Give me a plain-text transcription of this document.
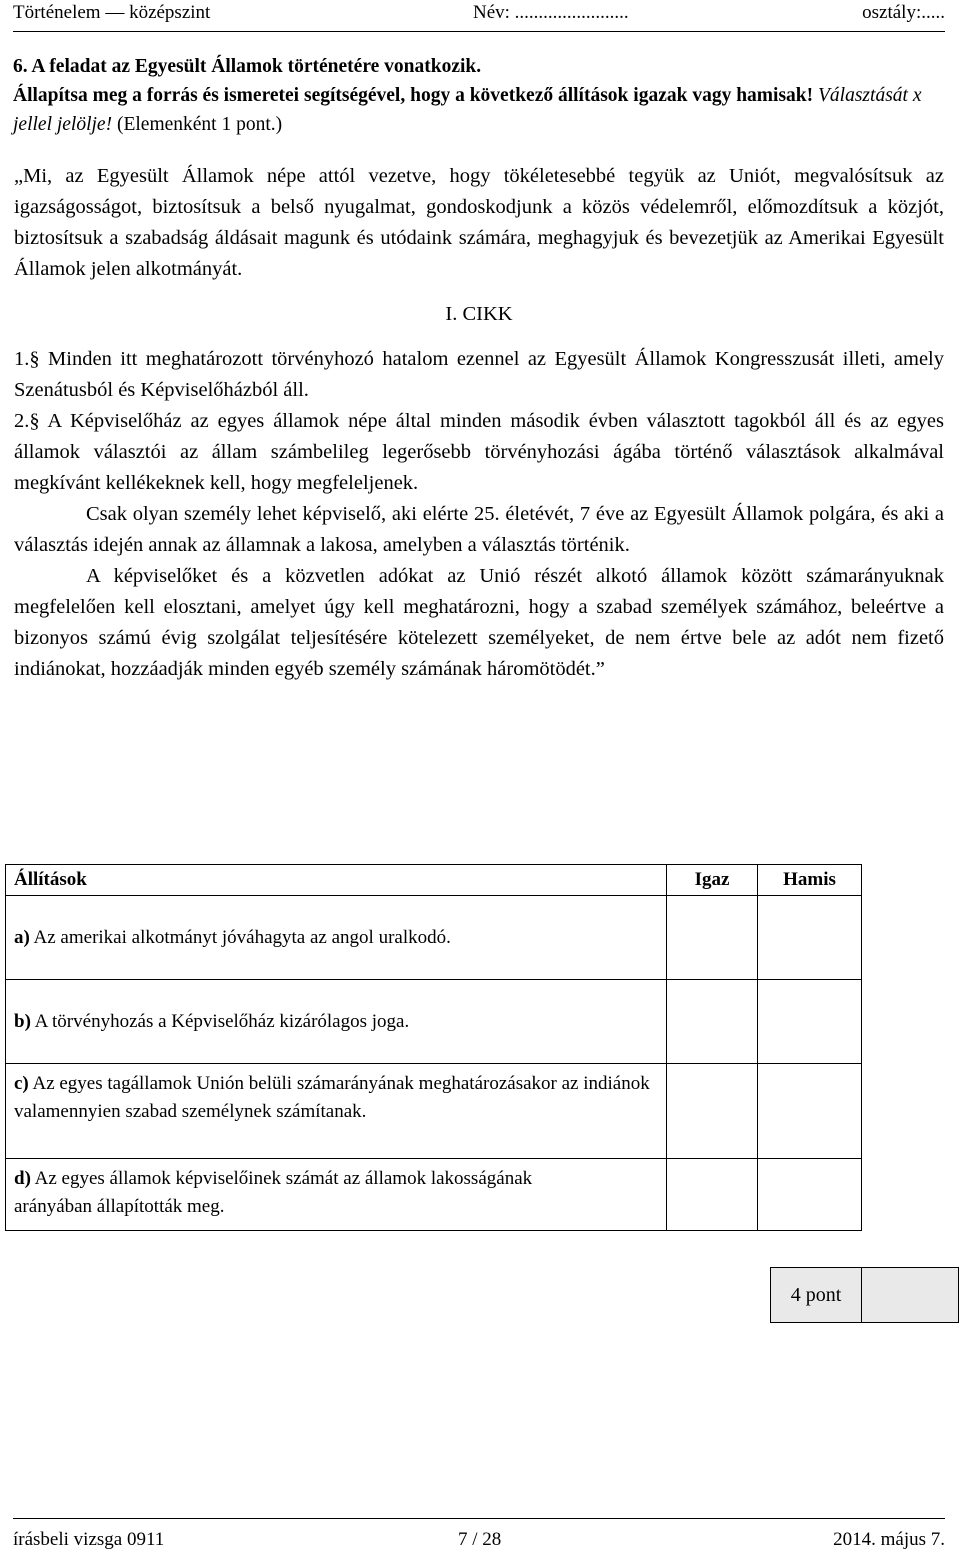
Történelem — középszint	Név: ........................	osztály:.....
6. A feladat az Egyesült Államok történetére vonatkozik.
Állapítsa meg a forrás és ismeretei segítségével, hogy a következő állítások igazak vagy hamisak! Választását x jellel jelölje! (Elemenként 1 pont.)

„Mi, az Egyesült Államok népe attól vezetve, hogy tökéletesebbé tegyük az Uniót, megvalósítsuk az igazságosságot, biztosítsuk a belső nyugalmat, gondoskodjunk a közös védelemről, előmozdítsuk a közjót, biztosítsuk a szabadság áldásait magunk és utódaink számára, meghagyjuk és bevezetjük az Amerikai Egyesült Államok jelen alkotmányát.

I. CIKK

1.§ Minden itt meghatározott törvényhozó hatalom ezennel az Egyesült Államok Kongresszusát illeti, amely Szenátusból és Képviselőházból áll.

2.§ A Képviselőház az egyes államok népe által minden második évben választott tagokból áll és az egyes államok választói az állam számbelileg legerősebb törvényhozási ágába történő választások alkalmával megkívánt kellékeknek kell, hogy megfeleljenek.

Csak olyan személy lehet képviselő, aki elérte 25. életévét, 7 éve az Egyesült Államok polgára, és aki a választás idején annak az államnak a lakosa, amelyben a választás történik.

A képviselőket és a közvetlen adókat az Unió részét alkotó államok között számarányuknak megfelelően kell elosztani, amelyet úgy kell meghatározni, hogy a szabad személyek számához, beleértve a bizonyos számú évig szolgálat teljesítésére kötelezett személyeket, de nem értve bele az adót nem fizető indiánokat, hozzáadják minden egyéb személy számának háromötödét.”

Állítások	Igaz	Hamis
a) Az amerikai alkotmányt jóváhagyta az angol uralkodó.		
b) A törvényhozás a Képviselőház kizárólagos joga.		

c) Az egyes tagállamok Unión belüli számarányának meghatározásakor az indiánok valamennyien szabad személynek számítanak.		

d) Az egyes államok képviselőinek számát az államok lakosságának arányában állapították meg.		

4 pont
írásbeli vizsga 0911	7 / 28	2014. május 7.
